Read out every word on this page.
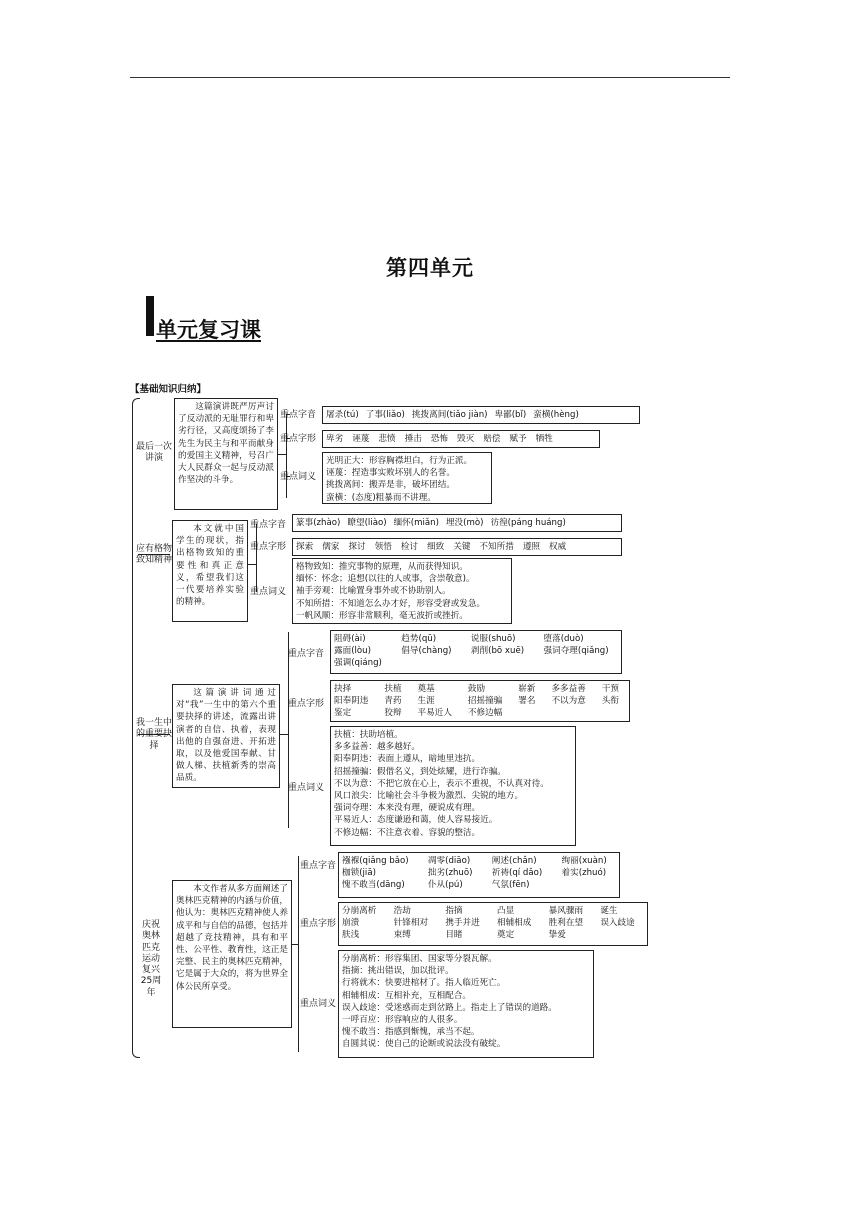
第四单元
单元复习课
【基础知识归纳】
最后一次讲演
这篇演讲既严厉声讨了反动派的无耻罪行和卑劣行径，又高度颂扬了李先生为民主与和平而献身的爱国主义精神，号召广大人民群众一起与反动派作坚决的斗争。
重点字音
重点字形
重点词义
屠杀(tú) 了事(liǎo) 挑拨离间(tiǎo jiàn) 卑鄙(bǐ) 蛮横(hèng)
卑劣 诬蔑 悲愤 捶击 恐怖 毁灭 赔偿 赋予 牺牲
光明正大：形容胸襟坦白，行为正派。
诬蔑：捏造事实败坏别人的名誉。
挑拨离间：搬弄是非，破坏团结。
蛮横：(态度)粗暴而不讲理。
应有格物致知精神
本文就中国学生的现状，指出格物致知的重要性和真正意义，希望我们这一代要培养实验的精神。
重点字音
重点字形
重点词义
篆事(zhào) 瞭望(liào) 缅怀(miǎn) 埋没(mò) 彷徨(páng huáng)
探索 儒家 探讨 领悟 检讨 细致 关键 不知所措 遵照 权威
格物致知：推究事物的原理，从而获得知识。
缅怀：怀念；追想(以往的人或事，含崇敬意)。
袖手旁观：比喻置身事外或不协助别人。
不知所措：不知道怎么办才好，形容受窘或发急。
一帆风顺：形容非常顺利，毫无波折或挫折。
我一生中的重要抉择
这篇演讲词通过对“我”一生中的第六个重要抉择的讲述，流露出讲演者的自信、执着，表现出他的自强奋进、开拓进取，以及他爱国奉献、甘做人梯、扶植新秀的崇高品质。
重点字音
重点字形
重点词义
阻碍(ài)	趋势(qū)	说服(shuō)	堕落(duò)
露面(lòu)	倡导(chàng)	剥削(bō xuē)	强词夺理(qiǎng)
强调(qiáng)
抉择	扶植	奠基	鼓励	崭新	多多益善	干预
阳奉阴违	青药	生涯	招摇撞骗	署名	不以为意	头衔
鉴定	狡辩	平易近人	不修边幅
扶植：扶助培植。
多多益善：越多越好。
阳奉阴违：表面上遵从，暗地里违抗。
招摇撞骗：假借名义，到处炫耀，进行诈骗。
不以为意：不把它放在心上，表示不重视，不认真对待。
风口浪尖：比喻社会斗争极为激烈、尖锐的地方。
强词夺理：本来没有理，硬说成有理。
平易近人：态度谦逊和蔼，使人容易接近。
不修边幅：不注意衣着、容貌的整洁。
庆祝奥林匹克运动复兴25周年
本文作者从多方面阐述了奥林匹克精神的内涵与价值，他认为：奥林匹克精神使人养成平和与自信的品德，包括并超越了竞技精神，具有和平性、公平性、教育性，这正是完整、民主的奥林匹克精神，它是属于大众的，将为世界全体公民所享受。
重点字音
重点字形
重点词义
襁褓(qiǎng bǎo)	凋零(diāo)	阐述(chǎn)	绚丽(xuàn)
枷锁(jiā)	拙劣(zhuō)	祈祷(qí dǎo)	着实(zhuó)
愧不敢当(dāng)	仆从(pú)	气氛(fēn)
分崩离析	浩劫	指摘	凸显	暴风骤雨	诞生
崩溃	针锋相对	携手并进	相辅相成	胜利在望	误入歧途
肤浅	束缚	目睹	奠定	挚爱
分崩离析：形容集团、国家等分裂瓦解。
指摘：挑出错误，加以批评。
行将就木：快要进棺材了。指人临近死亡。
相辅相成：互相补充，互相配合。
误入歧途：受迷惑而走到岔路上。指走上了错误的道路。
一呼百应：形容响应的人很多。
愧不敢当：指感到惭愧，承当不起。
自圆其说：使自己的论断或说法没有破绽。
